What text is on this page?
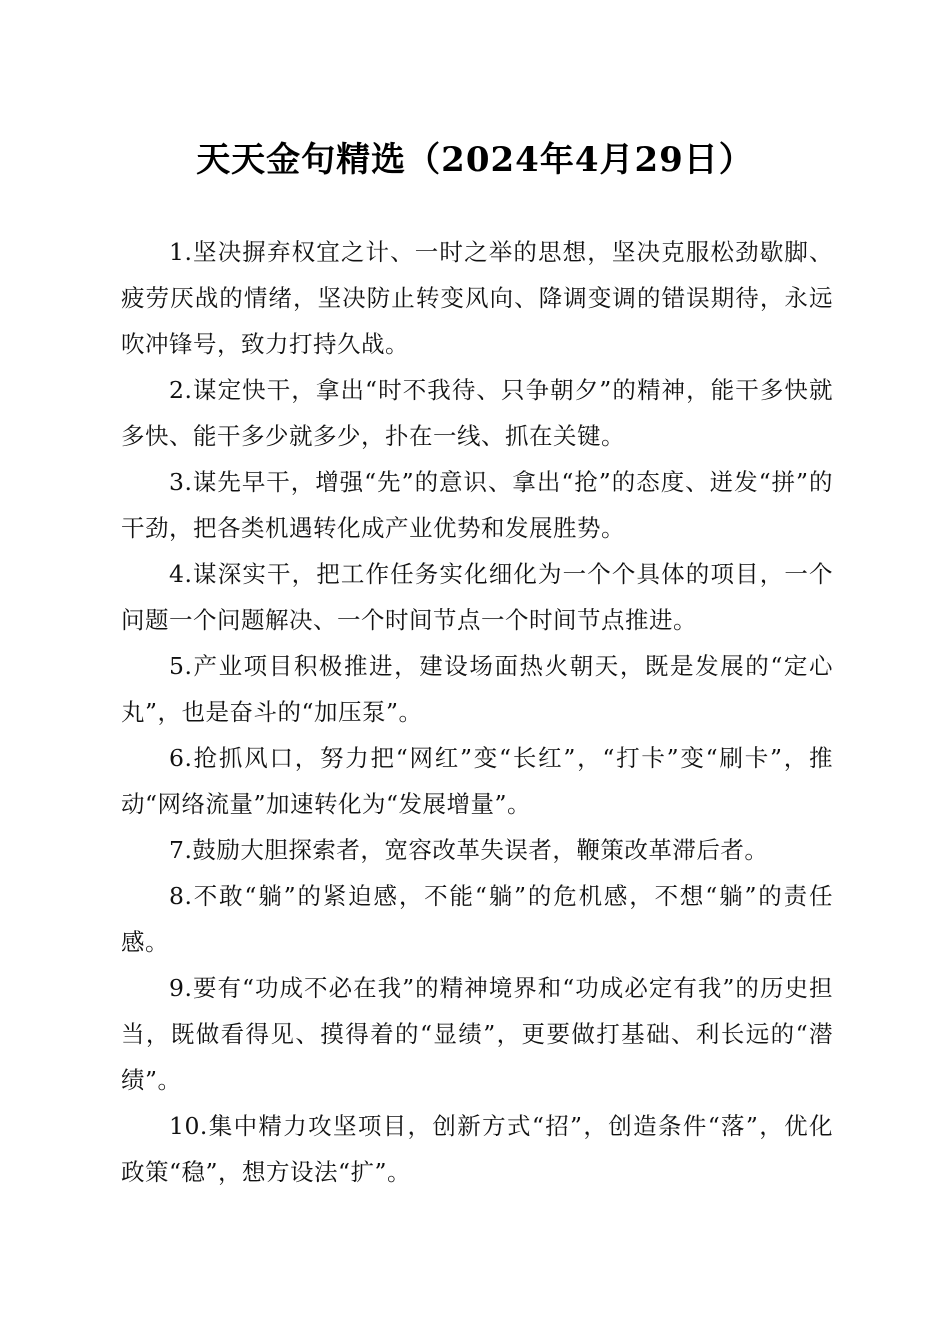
天天金句精选（2024年4月29日）

1.坚决摒弃权宜之计、一时之举的思想，坚决克服松劲歇脚、疲劳厌战的情绪，坚决防止转变风向、降调变调的错误期待，永远吹冲锋号，致力打持久战。

2.谋定快干，拿出“时不我待、只争朝夕”的精神，能干多快就多快、能干多少就多少，扑在一线、抓在关键。

3.谋先早干，增强“先”的意识、拿出“抢”的态度、迸发“拼”的干劲，把各类机遇转化成产业优势和发展胜势。

4.谋深实干，把工作任务实化细化为一个个具体的项目，一个问题一个问题解决、一个时间节点一个时间节点推进。

5.产业项目积极推进，建设场面热火朝天，既是发展的“定心丸”，也是奋斗的“加压泵”。

6.抢抓风口，努力把“网红”变“长红”，“打卡”变“刷卡”，推动“网络流量”加速转化为“发展增量”。

7.鼓励大胆探索者，宽容改革失误者，鞭策改革滞后者。

8.不敢“躺”的紧迫感，不能“躺”的危机感，不想“躺”的责任感。

9.要有“功成不必在我”的精神境界和“功成必定有我”的历史担当，既做看得见、摸得着的“显绩”，更要做打基础、利长远的“潜绩”。

10.集中精力攻坚项目，创新方式“招”，创造条件“落”，优化政策“稳”，想方设法“扩”。
